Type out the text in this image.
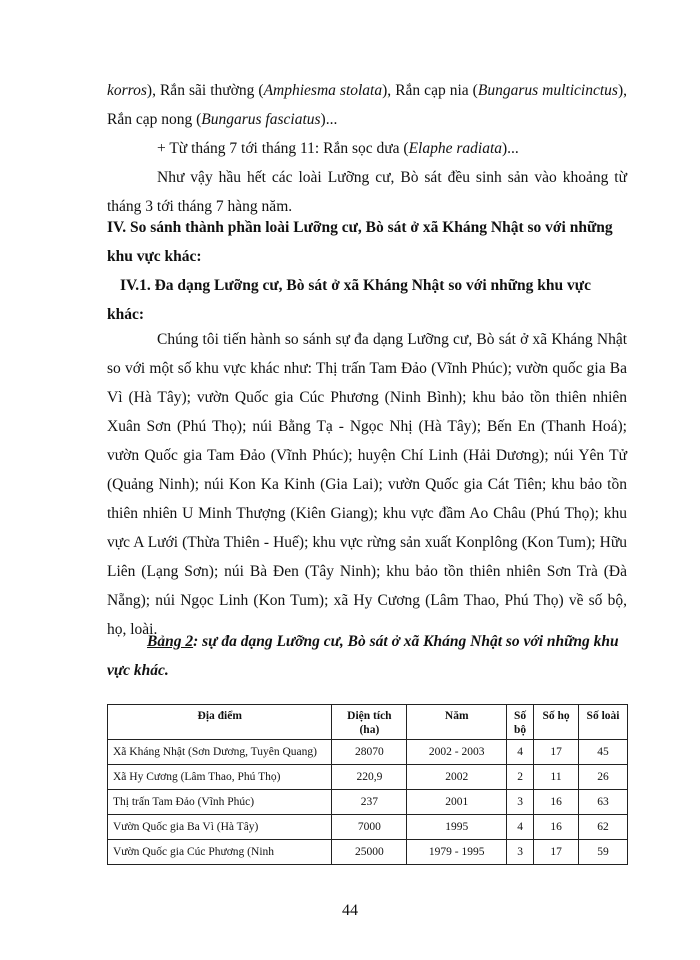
korros), Rắn sãi thường (Amphiesma stolata), Rắn cạp nia (Bungarus multicinctus), Rắn cạp nong (Bungarus fasciatus)...

+ Từ tháng 7 tới tháng 11: Rắn sọc dưa (Elaphe radiata)...

Như vậy hầu hết các loài Lưỡng cư, Bò sát đều sinh sản vào khoảng từ tháng 3 tới tháng 7 hàng năm.

IV. So sánh thành phần loài Lưỡng cư, Bò sát ở xã Kháng Nhật so với những khu vực khác:

IV.1. Đa dạng Lưỡng cư, Bò sát ở xã Kháng Nhật so với những khu vực khác:

Chúng tôi tiến hành so sánh sự đa dạng Lưỡng cư, Bò sát ở xã Kháng Nhật so với một số khu vực khác như: Thị trấn Tam Đảo (Vĩnh Phúc); vườn quốc gia Ba Vì (Hà Tây); vườn Quốc gia Cúc Phương (Ninh Bình); khu bảo tồn thiên nhiên Xuân Sơn (Phú Thọ); núi Bằng Tạ - Ngọc Nhị (Hà Tây); Bến En (Thanh Hoá); vườn Quốc gia Tam Đảo (Vĩnh Phúc); huyện Chí Linh (Hải Dương); núi Yên Tử (Quảng Ninh); núi Kon Ka Kinh (Gia Lai); vườn Quốc gia Cát Tiên; khu bảo tồn thiên nhiên U Minh Thượng (Kiên Giang); khu vực đầm Ao Châu (Phú Thọ); khu vực A Lưới (Thừa Thiên - Huế); khu vực rừng sản xuất Konplông (Kon Tum); Hữu Liên (Lạng Sơn); núi Bà Đen (Tây Ninh); khu bảo tồn thiên nhiên Sơn Trà (Đà Nẵng); núi Ngọc Linh (Kon Tum); xã Hy Cương (Lâm Thao, Phú Thọ) về số bộ, họ, loài.

Bảng 2: sự đa dạng Lưỡng cư, Bò sát ở xã Kháng Nhật so với những khu vực khác.

Địa điểm	Diện tích (ha)	Năm	Số bộ	Số họ	Số loài
Xã Kháng Nhật (Sơn Dương, Tuyên Quang)	28070	2002 - 2003	4	17	45
Xã Hy Cương (Lâm Thao, Phú Thọ)	220,9	2002	2	11	26
Thị trấn Tam Đảo (Vĩnh Phúc)	237	2001	3	16	63
Vườn Quốc gia Ba Vì (Hà Tây)	7000	1995	4	16	62
Vườn Quốc gia Cúc Phương (Ninh	25000	1979 - 1995	3	17	59
44
